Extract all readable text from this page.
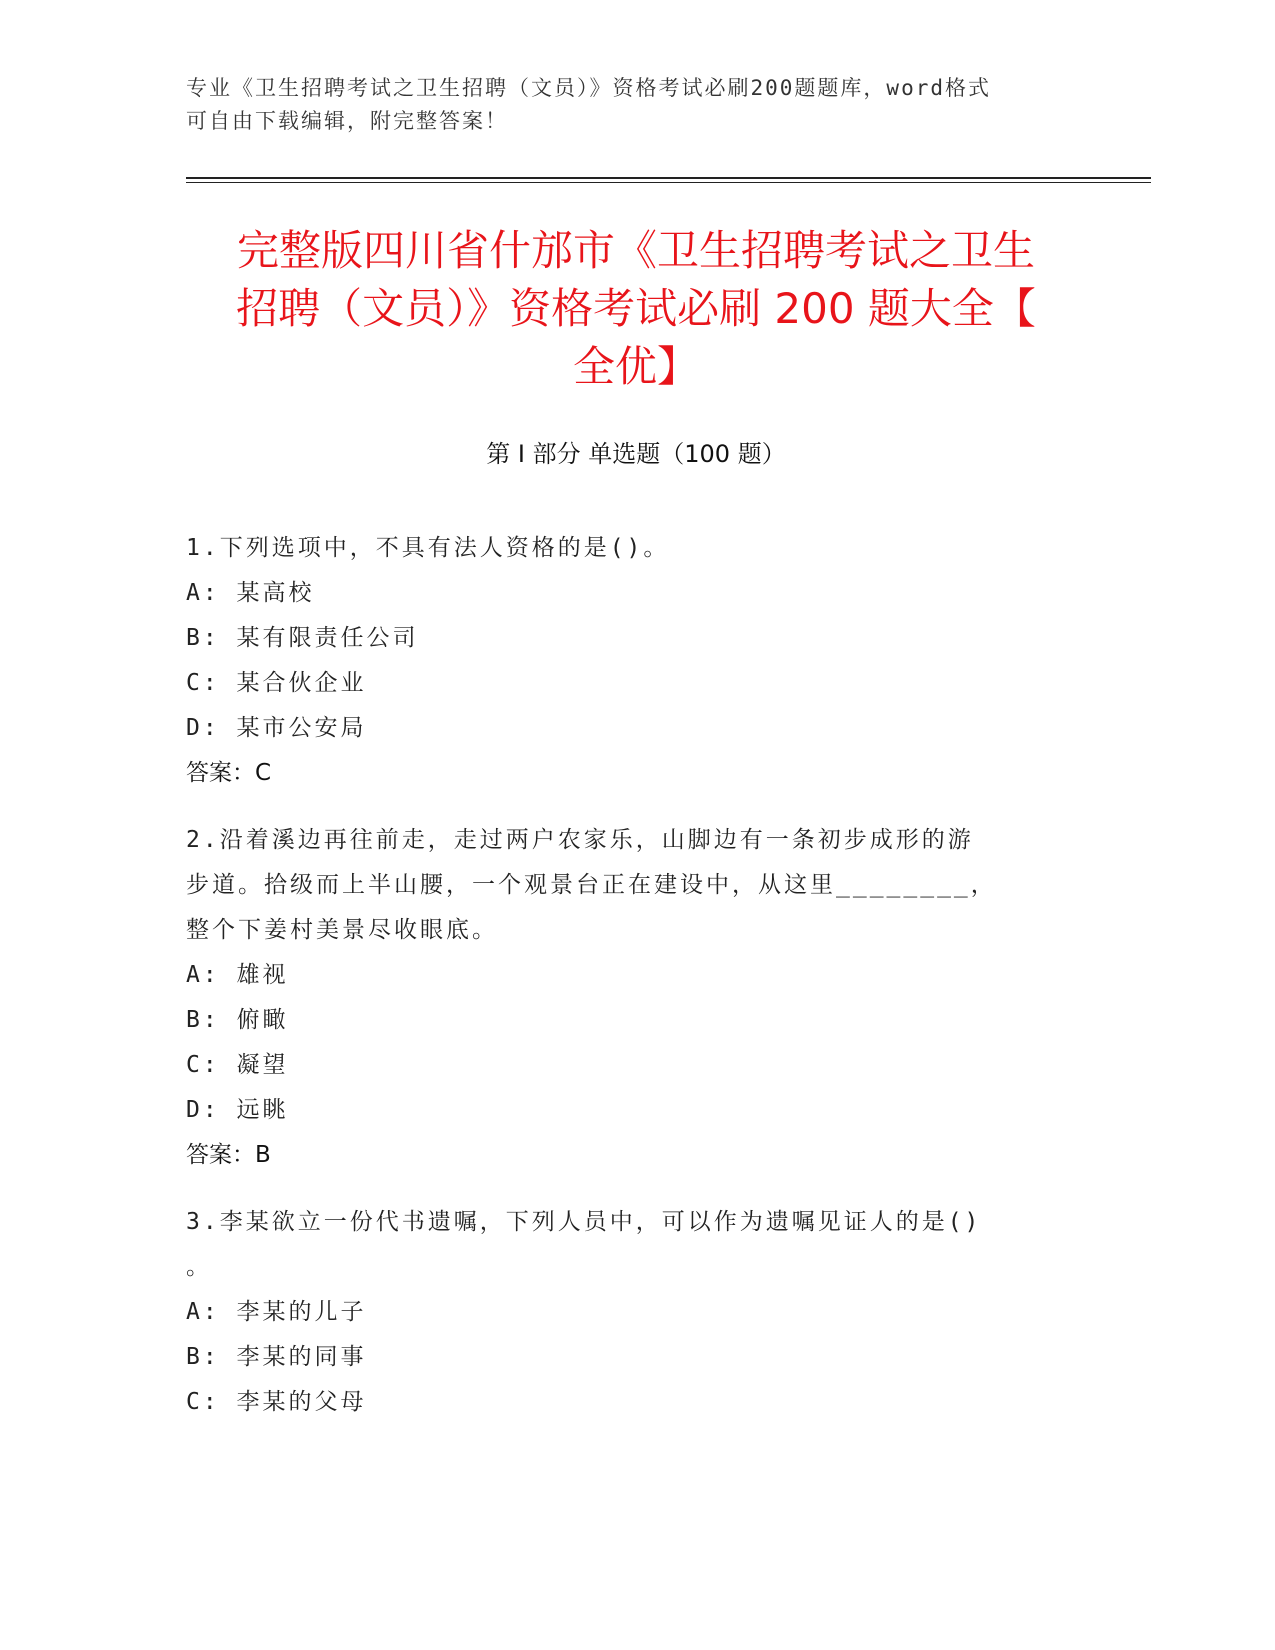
专业《卫生招聘考试之卫生招聘（文员）》资格考试必刷200题题库，word格式
可自由下载编辑，附完整答案！
完整版四川省什邡市《卫生招聘考试之卫生
招聘（文员）》资格考试必刷 200 题大全【
全优】
第 I 部分 单选题（100 题）

1.下列选项中，不具有法人资格的是()。

A: 某高校

B: 某有限责任公司

C: 某合伙企业

D: 某市公安局

答案：C

2.沿着溪边再往前走，走过两户农家乐，山脚边有一条初步成形的游

步道。拾级而上半山腰，一个观景台正在建设中，从这里________，

整个下姜村美景尽收眼底。

A: 雄视

B: 俯瞰

C: 凝望

D: 远眺

答案：B

3.李某欲立一份代书遗嘱，下列人员中，可以作为遗嘱见证人的是()

。

A: 李某的儿子

B: 李某的同事

C: 李某的父母
